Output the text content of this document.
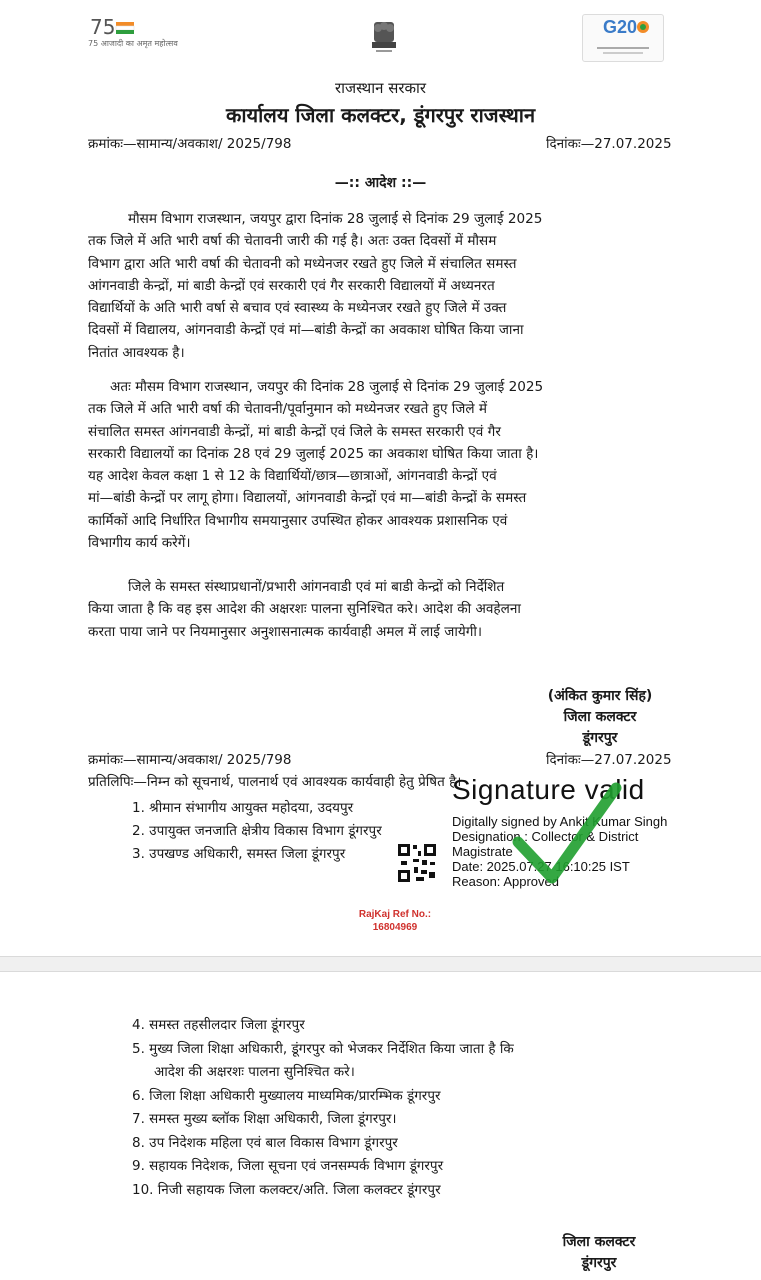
75
75 आजादी का अमृत महोत्सव
G20
राजस्थान सरकार
कार्यालय जिला कलक्टर, डूंगरपुर राजस्थान
क्रमांकः—सामान्य/अवकाश/ 2025/798	दिनांकः—27.07.2025
—:: आदेश ::—
मौसम विभाग राजस्थान, जयपुर द्वारा दिनांक 28 जुलाई से दिनांक 29 जुलाई 2025
तक जिले में अति भारी वर्षा की चेतावनी जारी की गई है। अतः उक्त दिवसों में मौसम
विभाग द्वारा अति भारी वर्षा की चेतावनी को मध्येनजर रखते हुए जिले में संचालित समस्त
आंगनवाडी केन्द्रों, मां बाडी केन्द्रों एवं सरकारी एवं गैर सरकारी विद्यालयों में अध्यनरत
विद्यार्थियों के अति भारी वर्षा से बचाव एवं स्वास्थ्य के मध्येनजर रखते हुए जिले में उक्त
दिवसों में विद्यालय, आंगनवाडी केन्द्रों एवं मां—बांडी केन्द्रों का अवकाश घोषित किया जाना
नितांत आवश्यक है।
अतः मौसम विभाग राजस्थान, जयपुर की दिनांक 28 जुलाई से दिनांक 29 जुलाई 2025
तक जिले में अति भारी वर्षा की चेतावनी/पूर्वानुमान को मध्येनजर रखते हुए जिले में
संचालित समस्त आंगनवाडी केन्द्रों, मां बाडी केन्द्रों एवं जिले के समस्त सरकारी एवं गैर
सरकारी विद्यालयों का दिनांक 28 एवं 29 जुलाई 2025 का अवकाश घोषित किया जाता है।
यह आदेश केवल कक्षा 1 से 12 के विद्यार्थियों/छात्र—छात्राओं, आंगनवाडी केन्द्रों एवं
मां—बांडी केन्द्रों पर लागू होगा। विद्यालयों, आंगनवाडी केन्द्रों एवं मा—बांडी केन्द्रों के समस्त
कार्मिकों आदि निर्धारित विभागीय समयानुसार उपस्थित होकर आवश्यक प्रशासनिक एवं
विभागीय कार्य करेगें।
जिले के समस्त संस्थाप्रधानों/प्रभारी आंगनवाडी एवं मां बाडी केन्द्रों को निर्देशित
किया जाता है कि वह इस आदेश की अक्षरशः पालना सुनिश्चित करे। आदेश की अवहेलना
करता पाया जाने पर नियमानुसार अनुशासनात्मक कार्यवाही अमल में लाई जायेगी।
(अंकित कुमार सिंह)
जिला कलक्टर
डूंगरपुर
क्रमांकः—सामान्य/अवकाश/ 2025/798	दिनांकः—27.07.2025
प्रतिलिपिः—निम्न को सूचनार्थ, पालनार्थ एवं आवश्यक कार्यवाही हेतु प्रेषित है।
1. श्रीमान संभागीय आयुक्त महोदया, उदयपुर
2. उपायुक्त जनजाति क्षेत्रीय विकास विभाग डूंगरपुर
3. उपखण्ड अधिकारी, समस्त जिला डूंगरपुर
Signature valid
Digitally signed by Ankit Kumar Singh
Designation : Collector & District
Magistrate
Date: 2025.07.27 16:10:25 IST
Reason: Approved
RajKaj Ref No.:
16804969
4. समस्त तहसीलदार जिला डूंगरपुर
5. मुख्य जिला शिक्षा अधिकारी, डूंगरपुर को भेजकर निर्देशित किया जाता है कि
आदेश की अक्षरशः पालना सुनिश्चित करे।
6. जिला शिक्षा अधिकारी मुख्यालय माध्यमिक/प्रारम्भिक डूंगरपुर
7. समस्त मुख्य ब्लॉक शिक्षा अधिकारी, जिला डूंगरपुर।
8. उप निदेशक महिला एवं बाल विकास विभाग डूंगरपुर
9. सहायक निदेशक, जिला सूचना एवं जनसम्पर्क विभाग डूंगरपुर
10. निजी सहायक जिला कलक्टर/अति. जिला कलक्टर डूंगरपुर
जिला कलक्टर
डूंगरपुर
